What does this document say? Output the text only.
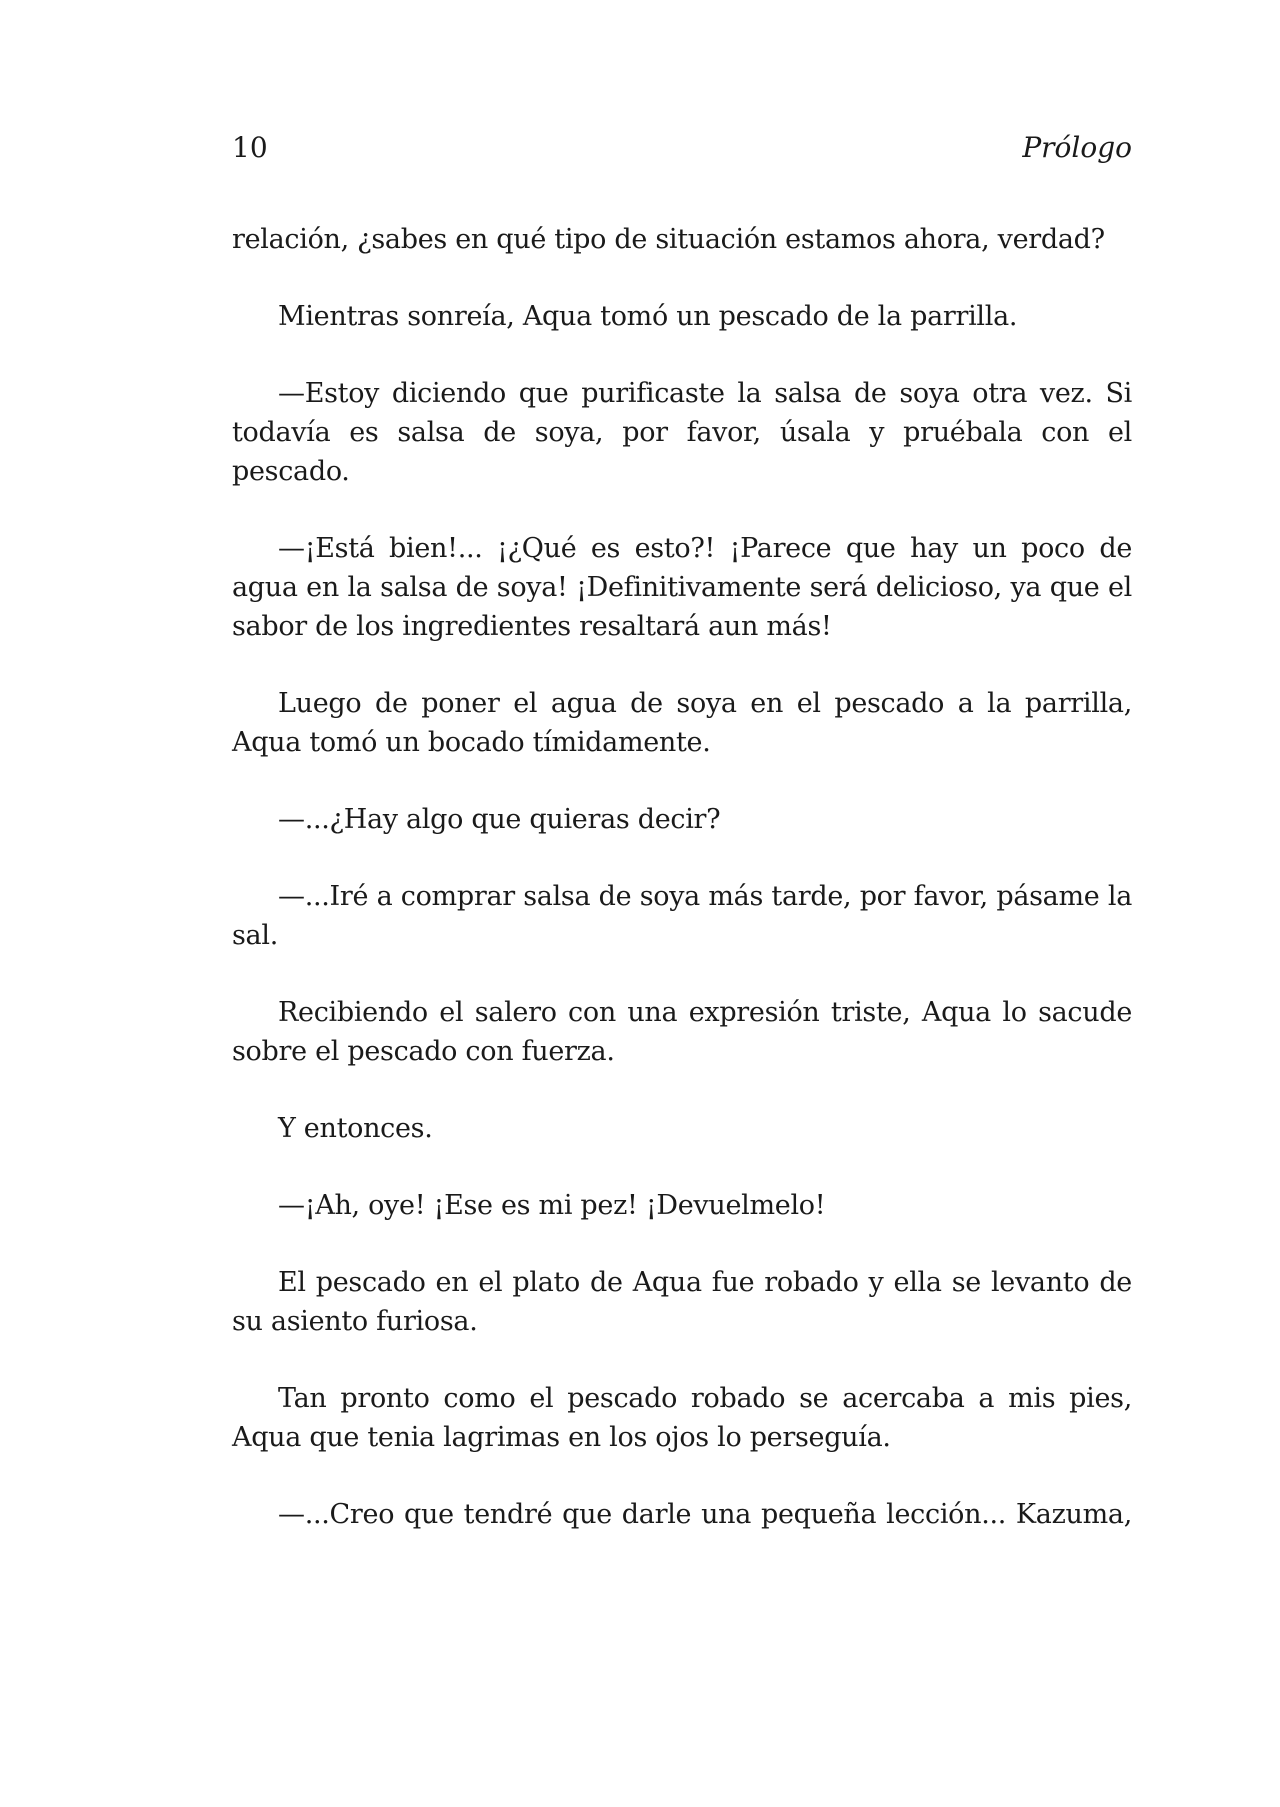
10	Prólogo

relación, ¿sabes en qué tipo de situación estamos ahora, verdad?

Mientras sonreía, Aqua tomó un pescado de la parrilla.

—Estoy diciendo que purificaste la salsa de soya otra vez. Si todavía es salsa de soya, por favor, úsala y pruébala con el pescado.

—¡Está bien!... ¡¿Qué es esto?! ¡Parece que hay un poco de agua en la salsa de soya! ¡Definitivamente será delicioso, ya que el sabor de los ingredientes resaltará aun más!

Luego de poner el agua de soya en el pescado a la parrilla, Aqua tomó un bocado tímidamente.

—...¿Hay algo que quieras decir?

—...Iré a comprar salsa de soya más tarde, por favor, pásame la sal.

Recibiendo el salero con una expresión triste, Aqua lo sacude sobre el pescado con fuerza.

Y entonces.

—¡Ah, oye! ¡Ese es mi pez! ¡Devuelmelo!

El pescado en el plato de Aqua fue robado y ella se levanto de su asiento furiosa.

Tan pronto como el pescado robado se acercaba a mis pies, Aqua que tenia lagrimas en los ojos lo perseguía.

—...Creo que tendré que darle una pequeña lección... Kazuma,
